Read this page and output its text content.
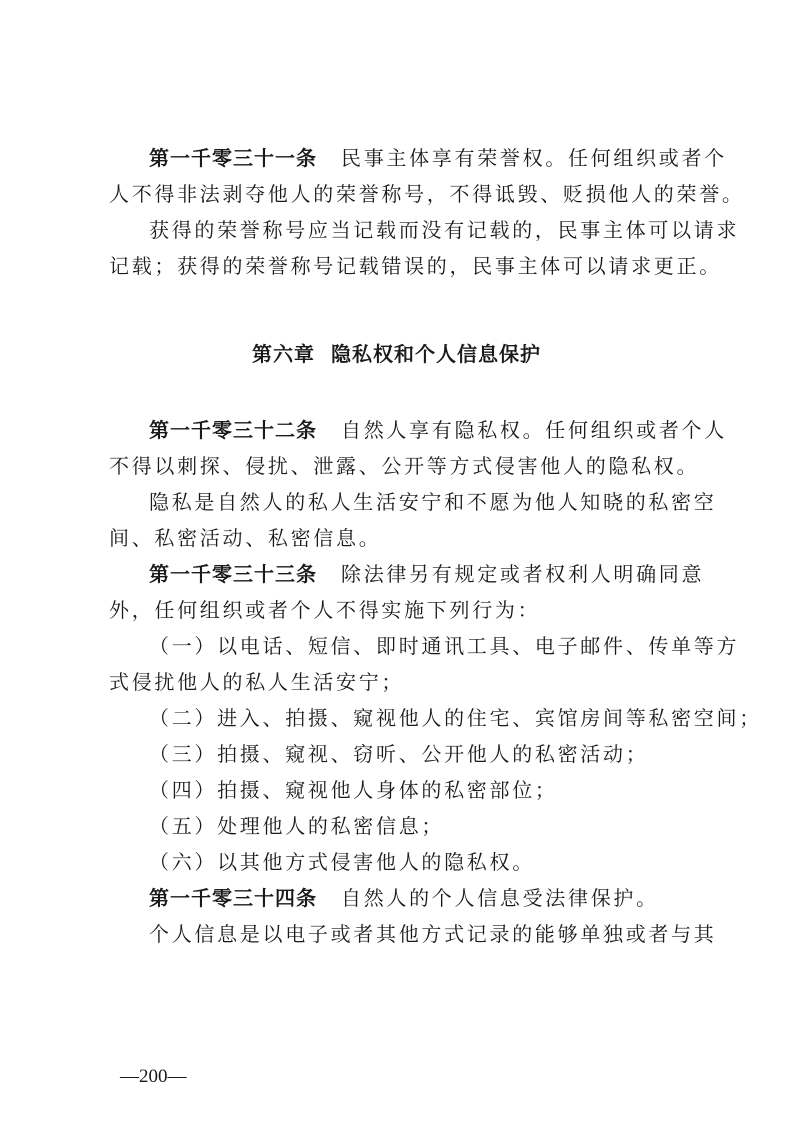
第一千零三十一条 民事主体享有荣誉权。任何组织或者个
人不得非法剥夺他人的荣誉称号，不得诋毁、贬损他人的荣誉。
获得的荣誉称号应当记载而没有记载的，民事主体可以请求
记载；获得的荣誉称号记载错误的，民事主体可以请求更正。
第六章 隐私权和个人信息保护
第一千零三十二条 自然人享有隐私权。任何组织或者个人
不得以刺探、侵扰、泄露、公开等方式侵害他人的隐私权。
隐私是自然人的私人生活安宁和不愿为他人知晓的私密空
间、私密活动、私密信息。
第一千零三十三条 除法律另有规定或者权利人明确同意
外，任何组织或者个人不得实施下列行为：
（一）以电话、短信、即时通讯工具、电子邮件、传单等方
式侵扰他人的私人生活安宁；
（二）进入、拍摄、窥视他人的住宅、宾馆房间等私密空间；
（三）拍摄、窥视、窃听、公开他人的私密活动；
（四）拍摄、窥视他人身体的私密部位；
（五）处理他人的私密信息；
（六）以其他方式侵害他人的隐私权。
第一千零三十四条 自然人的个人信息受法律保护。
个人信息是以电子或者其他方式记录的能够单独或者与其
—200—
